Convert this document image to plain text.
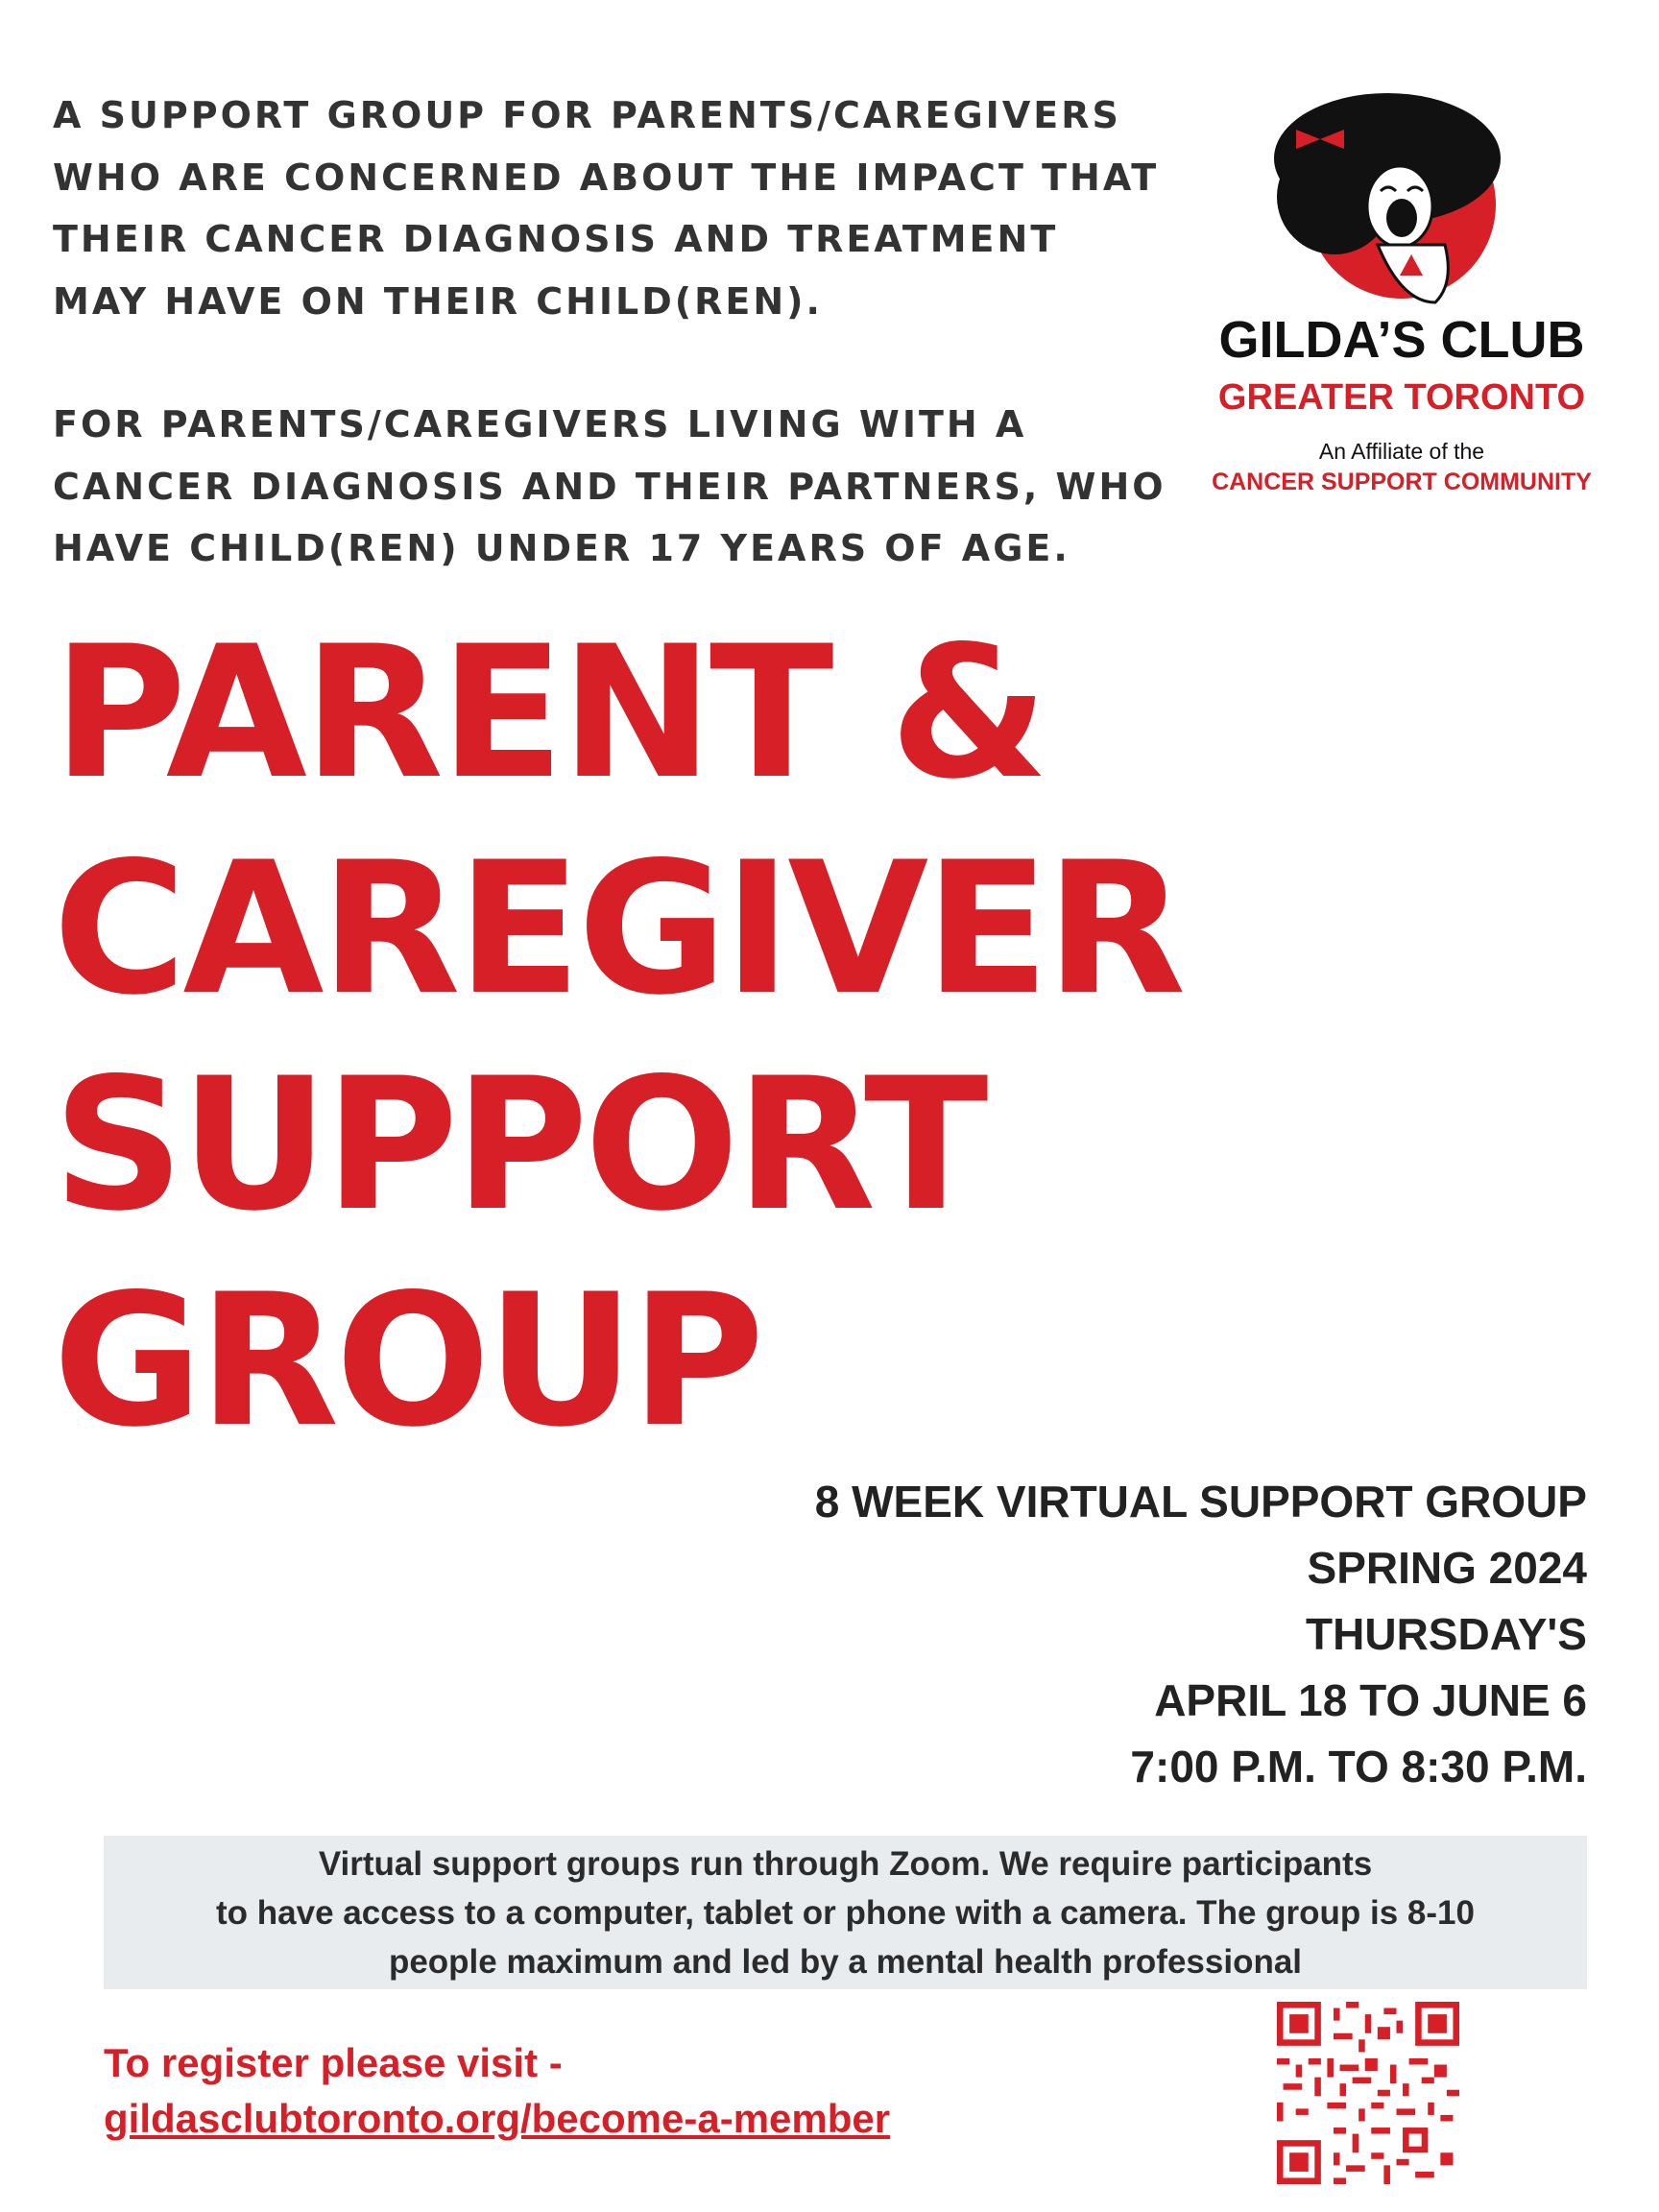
A SUPPORT GROUP FOR PARENTS/CAREGIVERS
WHO ARE CONCERNED ABOUT THE IMPACT THAT
THEIR CANCER DIAGNOSIS AND TREATMENT
MAY HAVE ON THEIR CHILD(REN).
FOR PARENTS/CAREGIVERS LIVING WITH A
CANCER DIAGNOSIS AND THEIR PARTNERS, WHO
HAVE CHILD(REN) UNDER 17 YEARS OF AGE.
GILDA’S CLUB
GREATER TORONTO
An Affiliate of the
CANCER SUPPORT COMMUNITY
PARENT &
CAREGIVER
SUPPORT
GROUP
8 WEEK VIRTUAL SUPPORT GROUP
SPRING 2024
THURSDAY'S
APRIL 18 TO JUNE 6
7:00 P.M. TO 8:30 P.M.
Virtual support groups run through Zoom. We require participants
to have access to a computer, tablet or phone with a camera. The group is 8-10
people maximum and led by a mental health professional
To register please visit -
gildasclubtoronto.org/become-a-member
